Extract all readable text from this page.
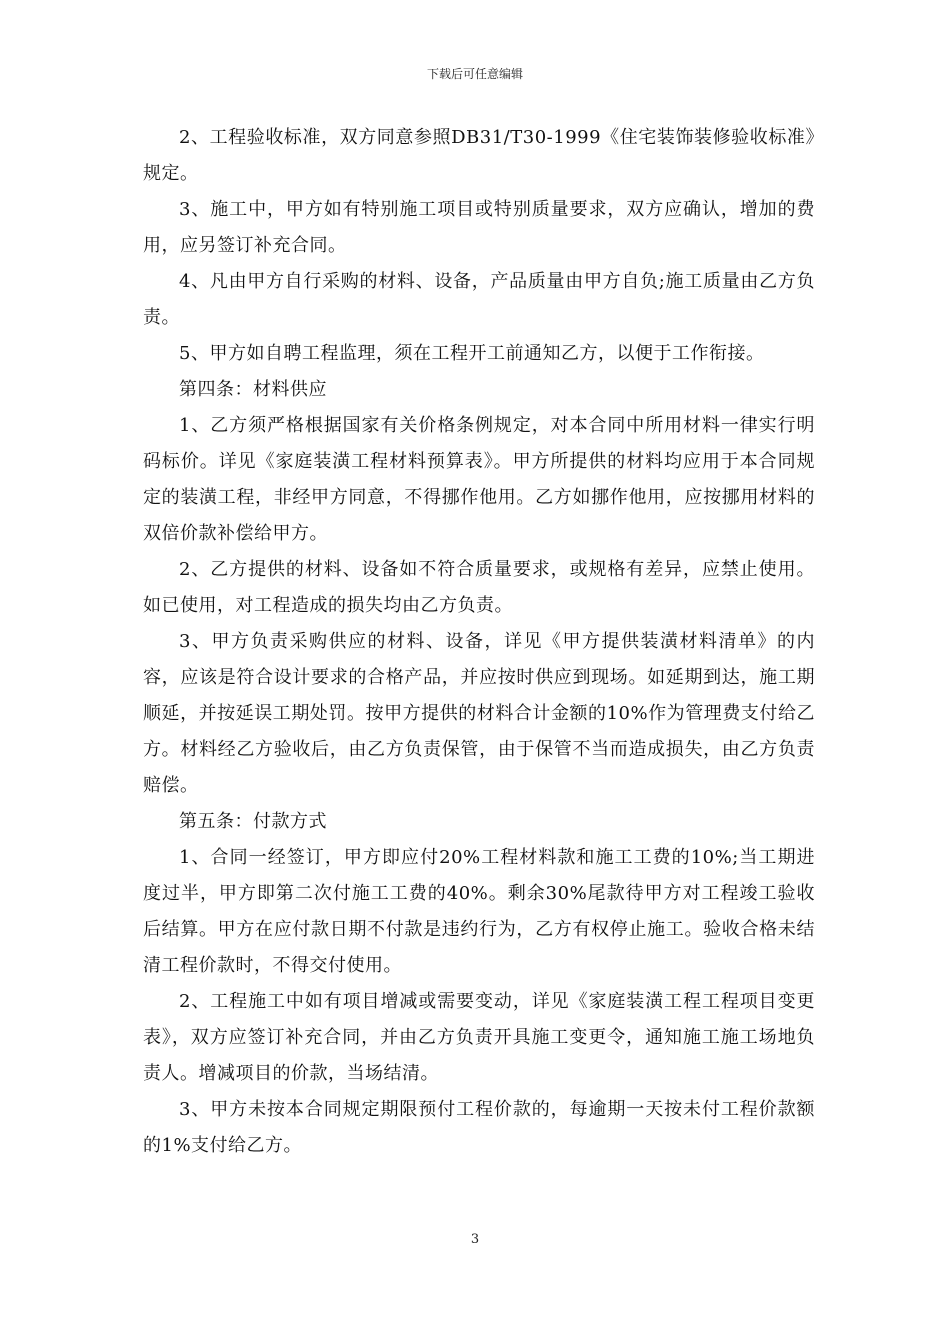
下载后可任意编辑

2、工程验收标准，双方同意参照DB31/T30-1999《住宅装饰装修验收标准》规定。

3、施工中，甲方如有特别施工项目或特别质量要求，双方应确认，增加的费用，应另签订补充合同。

4、凡由甲方自行采购的材料、设备，产品质量由甲方自负;施工质量由乙方负责。

5、甲方如自聘工程监理，须在工程开工前通知乙方，以便于工作衔接。

第四条：材料供应

1、乙方须严格根据国家有关价格条例规定，对本合同中所用材料一律实行明码标价。详见《家庭装潢工程材料预算表》。甲方所提供的材料均应用于本合同规定的装潢工程，非经甲方同意，不得挪作他用。乙方如挪作他用，应按挪用材料的双倍价款补偿给甲方。

2、乙方提供的材料、设备如不符合质量要求，或规格有差异，应禁止使用。如已使用，对工程造成的损失均由乙方负责。

3、甲方负责采购供应的材料、设备，详见《甲方提供装潢材料清单》的内容，应该是符合设计要求的合格产品，并应按时供应到现场。如延期到达，施工期顺延，并按延误工期处罚。按甲方提供的材料合计金额的10%作为管理费支付给乙方。材料经乙方验收后，由乙方负责保管，由于保管不当而造成损失，由乙方负责赔偿。

第五条：付款方式

1、合同一经签订，甲方即应付20%工程材料款和施工工费的10%;当工期进度过半，甲方即第二次付施工工费的40%。剩余30%尾款待甲方对工程竣工验收后结算。甲方在应付款日期不付款是违约行为，乙方有权停止施工。验收合格未结清工程价款时，不得交付使用。

2、工程施工中如有项目增减或需要变动，详见《家庭装潢工程工程项目变更表》，双方应签订补充合同，并由乙方负责开具施工变更令，通知施工施工场地负责人。增减项目的价款，当场结清。

3、甲方未按本合同规定期限预付工程价款的，每逾期一天按未付工程价款额的1%支付给乙方。

3
